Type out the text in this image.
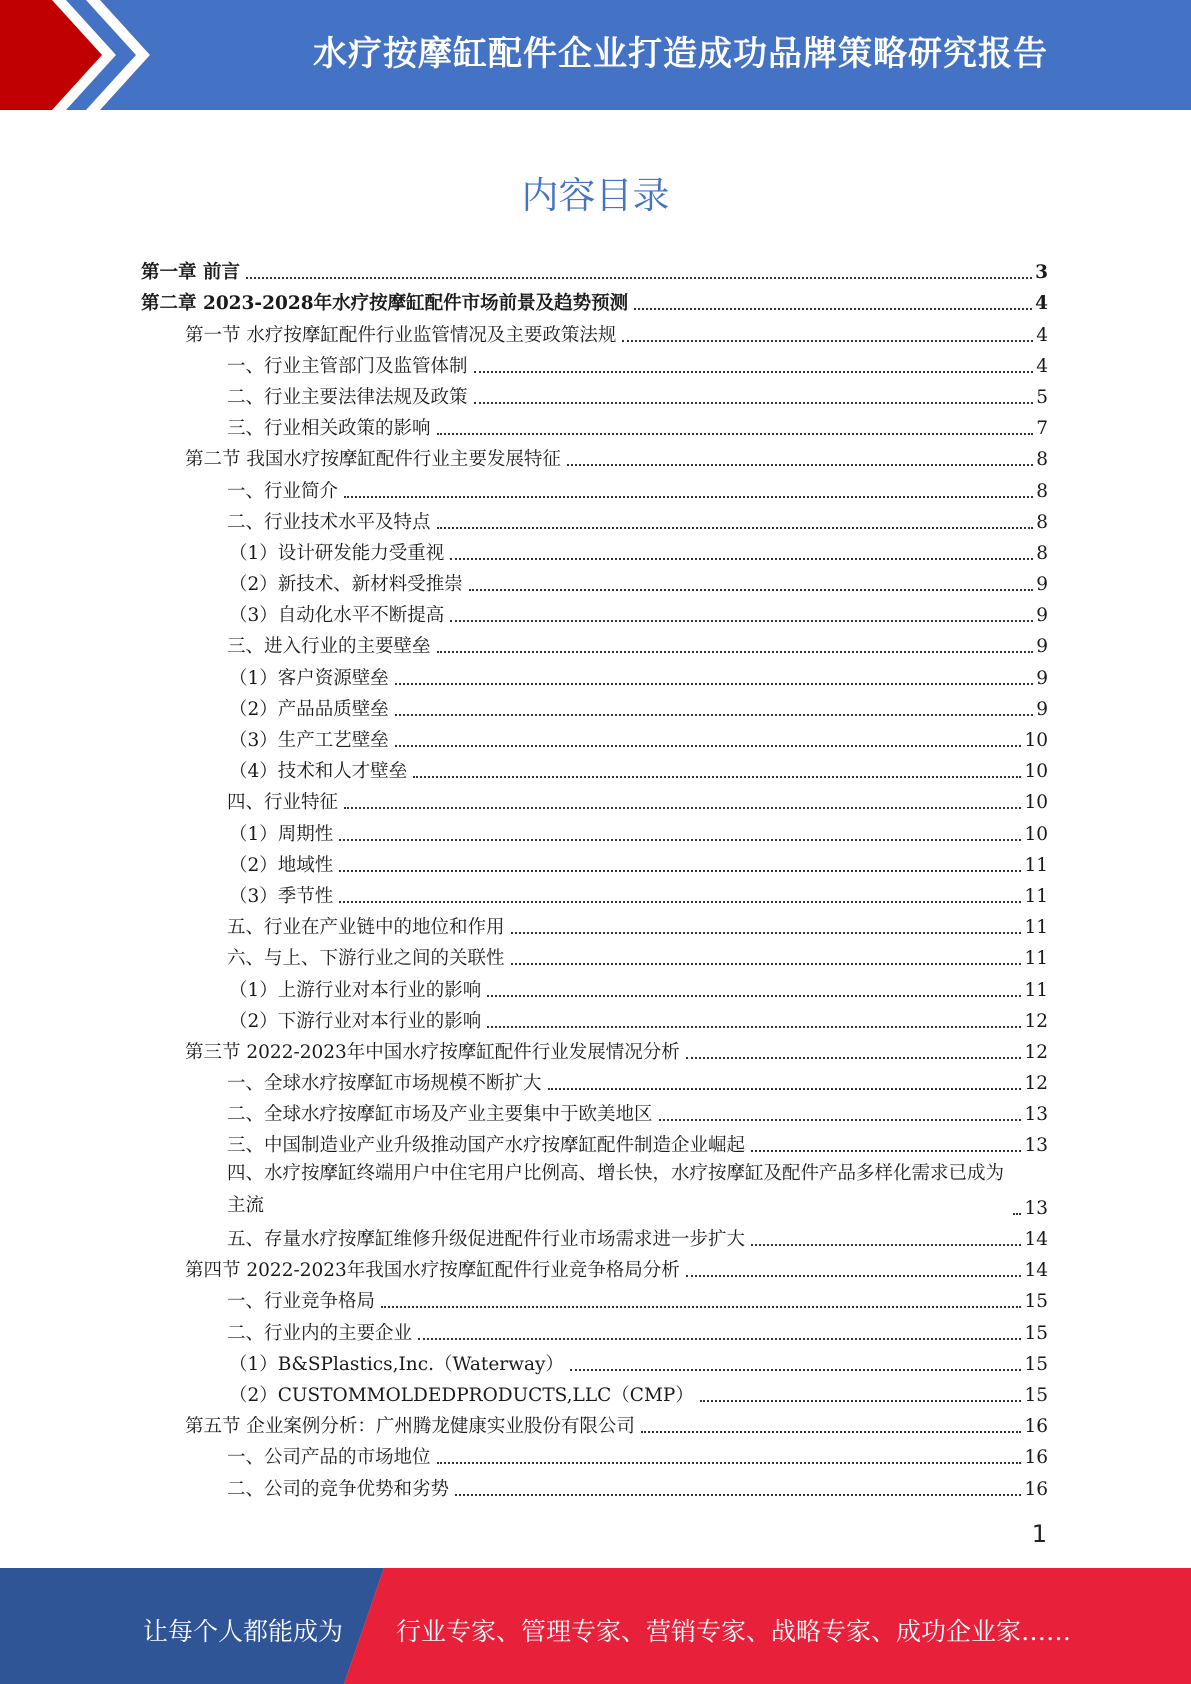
水疗按摩缸配件企业打造成功品牌策略研究报告
内容目录
第一章 前言	3
第二章 2023-2028年水疗按摩缸配件市场前景及趋势预测	4
第一节 水疗按摩缸配件行业监管情况及主要政策法规	4
一、行业主管部门及监管体制	4
二、行业主要法律法规及政策	5
三、行业相关政策的影响	7
第二节 我国水疗按摩缸配件行业主要发展特征	8
一、行业简介	8
二、行业技术水平及特点	8
（1）设计研发能力受重视	8
（2）新技术、新材料受推崇	9
（3）自动化水平不断提高	9
三、进入行业的主要壁垒	9
（1）客户资源壁垒	9
（2）产品品质壁垒	9
（3）生产工艺壁垒	10
（4）技术和人才壁垒	10
四、行业特征	10
（1）周期性	10
（2）地域性	11
（3）季节性	11
五、行业在产业链中的地位和作用	11
六、与上、下游行业之间的关联性	11
（1）上游行业对本行业的影响	11
（2）下游行业对本行业的影响	12
第三节 2022-2023年中国水疗按摩缸配件行业发展情况分析	12
一、全球水疗按摩缸市场规模不断扩大	12
二、全球水疗按摩缸市场及产业主要集中于欧美地区	13
三、中国制造业产业升级推动国产水疗按摩缸配件制造企业崛起	13
四、水疗按摩缸终端用户中住宅用户比例高、增长快，水疗按摩缸及配件产品多样化需求已成为主流	13
五、存量水疗按摩缸维修升级促进配件行业市场需求进一步扩大	14
第四节 2022-2023年我国水疗按摩缸配件行业竞争格局分析	14
一、行业竞争格局	15
二、行业内的主要企业	15
（1）B&SPlastics,Inc.（Waterway）	15
（2）CUSTOMMOLDEDPRODUCTS,LLC（CMP）	15
第五节 企业案例分析：广州腾龙健康实业股份有限公司	16
一、公司产品的市场地位	16
二、公司的竞争优势和劣势	16
1
让每个人都能成为 行业专家、管理专家、营销专家、战略专家、成功企业家……
